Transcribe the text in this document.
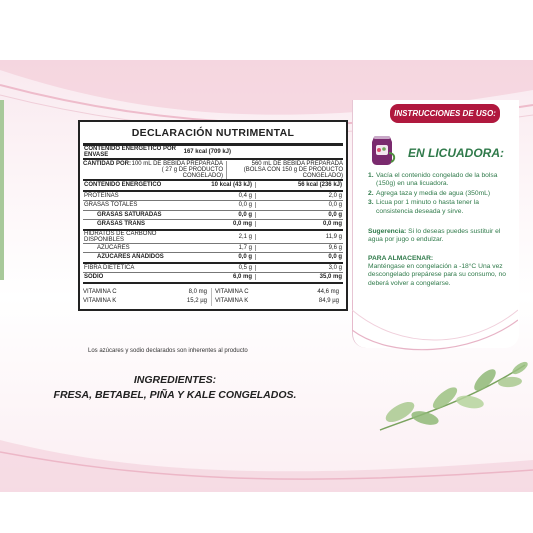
DECLARACIÓN NUTRIMENTAL
CONTENIDO ENERGÉTICO POR ENVASE	167 kcal (709 kJ)
CANTIDAD POR: 100 mL DE BEBIDA PREPARADA ( 27 g DE PRODUCTO CONGELADO)
560 mL DE BEBIDA PREPARADA (BOLSA CON 150 g DE PRODUCTO CONGELADO)
CONTENIDO ENERGÉTICO	10 kcal (43 kJ)	56 kcal (236 kJ)
PROTEÍNAS	0,4 g	2,0 g
GRASAS TOTALES	0,0 g	0,0 g
GRASAS SATURADAS	0,0 g	0,0 g
GRASAS TRANS	0,0 mg	0,0 mg
HIDRATOS DE CARBONO DISPONIBLES	2,1 g	11,9 g
AZÚCARES	1,7 g	9,6 g
AZÚCARES AÑADIDOS	0,0 g	0,0 g
FIBRA DIETÉTICA	0,5 g	3,0 g
SODIO	6,0 mg	35,0 mg
VITAMINA C	8,0 mg
VITAMINA K	15,2 µg
VITAMINA C	44,6 mg
VITAMINA K	84,9 µg
Los azúcares y sodio declarados son inherentes al producto
INGREDIENTES:
FRESA, BETABEL, PIÑA Y KALE CONGELADOS.
INSTRUCCIONES DE USO:
EN LICUADORA:
1. Vacía el contenido congelado de la bolsa (150g) en una licuadora.
2. Agrega taza y media de agua (350mL)
3. Licua por 1 minuto o hasta tener la consistencia deseada y sirve.
Sugerencia: Si lo deseas puedes sustituir el agua por jugo o endulzar.
PARA ALMACENAR:
Manténgase en congelación a -18°C Una vez descongelado prepárese para su consumo, no deberá volver a congelarse.
